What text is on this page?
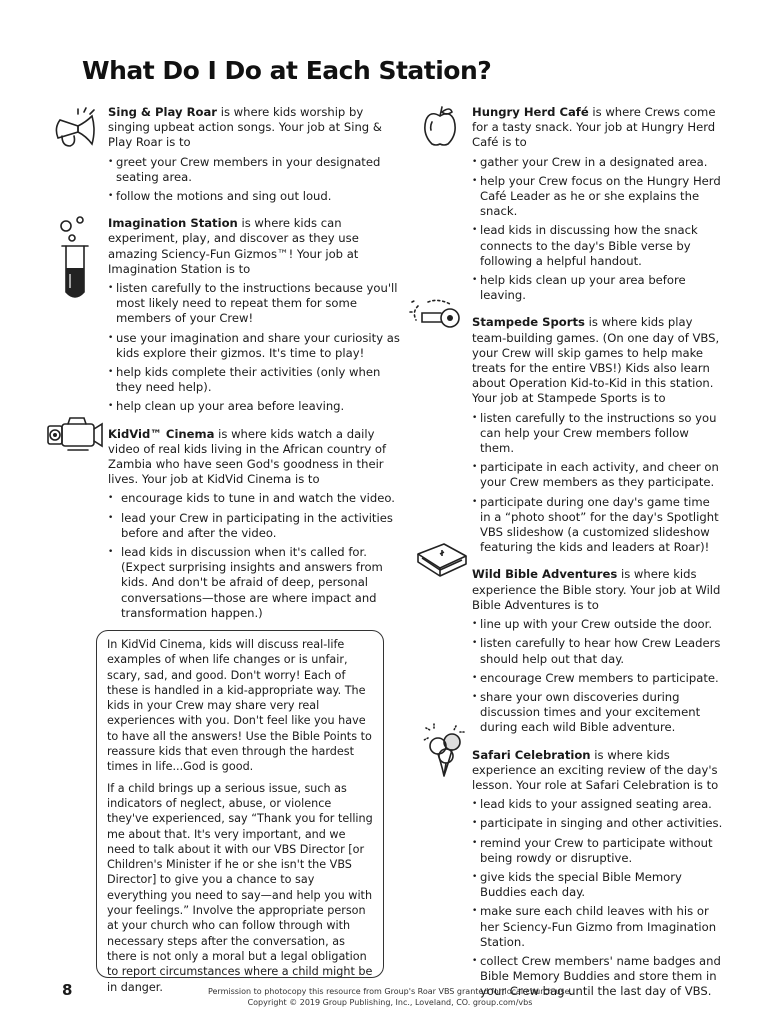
What Do I Do at Each Station?

Sing & Play Roar is where kids worship by singing upbeat action songs. Your job at Sing & Play Roar is to

• greet your Crew members in your designated seating area.
• follow the motions and sing out loud.

Imagination Station is where kids can experiment, play, and discover as they use amazing Sciency-Fun Gizmos™! Your job at Imagination Station is to

• listen carefully to the instructions because you'll most likely need to repeat them for some members of your Crew!
• use your imagination and share your curiosity as kids explore their gizmos. It's time to play!
• help kids complete their activities (only when they need help).
• help clean up your area before leaving.

KidVid™ Cinema is where kids watch a daily video of real kids living in the African country of Zambia who have seen God's goodness in their lives. Your job at KidVid Cinema is to

• encourage kids to tune in and watch the video.
• lead your Crew in participating in the activities before and after the video.
• lead kids in discussion when it's called for. (Expect surprising insights and answers from kids. And don't be afraid of deep, personal conversations—those are where impact and transformation happen.)

In KidVid Cinema, kids will discuss real-life examples of when life changes or is unfair, scary, sad, and good. Don't worry! Each of these is handled in a kid-appropriate way. The kids in your Crew may share very real experiences with you. Don't feel like you have to have all the answers! Use the Bible Points to reassure kids that even through the hardest times in life...God is good.

If a child brings up a serious issue, such as indicators of neglect, abuse, or violence they've experienced, say “Thank you for telling me about that. It's very important, and we need to talk about it with our VBS Director [or Children's Minister if he or she isn't the VBS Director] to give you a chance to say everything you need to say—and help you with your feelings.” Involve the appropriate person at your church who can follow through with necessary steps after the conversation, as there is not only a moral but a legal obligation to report circumstances where a child might be in danger.

Hungry Herd Café is where Crews come for a tasty snack. Your job at Hungry Herd Café is to

• gather your Crew in a designated area.
• help your Crew focus on the Hungry Herd Café Leader as he or she explains the snack.
• lead kids in discussing how the snack connects to the day's Bible verse by following a helpful handout.
• help kids clean up your area before leaving.

Stampede Sports is where kids play team-building games. (On one day of VBS, your Crew will skip games to help make treats for the entire VBS!) Kids also learn about Operation Kid-to-Kid in this station. Your job at Stampede Sports is to

• listen carefully to the instructions so you can help your Crew members follow them.
• participate in each activity, and cheer on your Crew members as they participate.
• participate during one day's game time in a “photo shoot” for the day's Spotlight VBS slideshow (a customized slideshow featuring the kids and leaders at Roar)!

Wild Bible Adventures is where kids experience the Bible story. Your job at Wild Bible Adventures is to

• line up with your Crew outside the door.
• listen carefully to hear how Crew Leaders should help out that day.
• encourage Crew members to participate.
• share your own discoveries during discussion times and your excitement during each wild Bible adventure.

Safari Celebration is where kids experience an exciting review of the day's lesson. Your role at Safari Celebration is to

• lead kids to your assigned seating area.
• participate in singing and other activities.
• remind your Crew to participate without being rowdy or disruptive.
• give kids the special Bible Memory Buddies each day.
• make sure each child leaves with his or her Sciency-Fun Gizmo from Imagination Station.
• collect Crew members' name badges and Bible Memory Buddies and store them in your Crew bag until the last day of VBS.
8	Permission to photocopy this resource from Group's Roar VBS granted for local church use.
Copyright © 2019 Group Publishing, Inc., Loveland, CO. group.com/vbs
